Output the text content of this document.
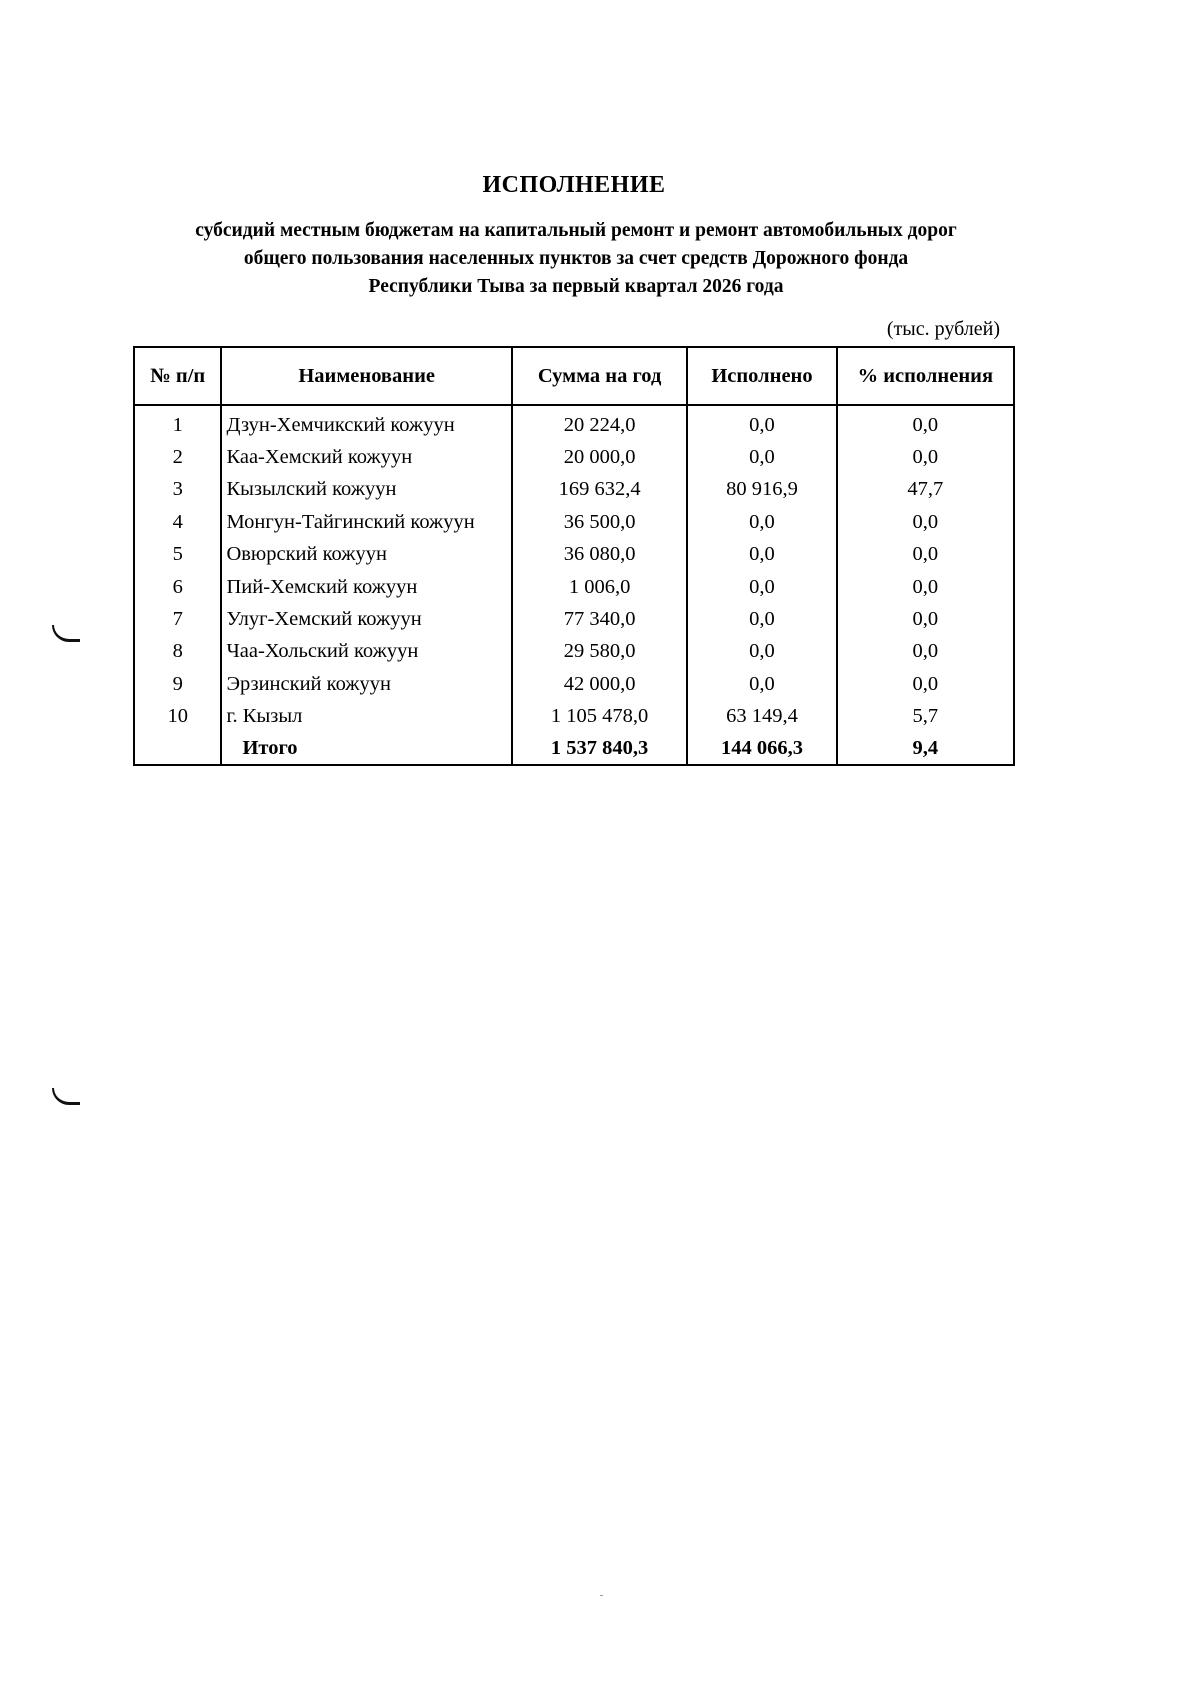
ИСПОЛНЕНИЕ
субсидий местным бюджетам на капитальный ремонт и ремонт автомобильных дорог
общего пользования населенных пунктов за счет средств Дорожного фонда
Республики Тыва за первый квартал 2026 года
(тыс. рублей)
№ п/п	Наименование	Сумма на год	Исполнено	% исполнения
1	Дзун-Хемчикский кожуун	20 224,0	0,0	0,0
2	Каа-Хемский кожуун	20 000,0	0,0	0,0
3	Кызылский кожуун	169 632,4	80 916,9	47,7
4	Монгун-Тайгинский кожуун	36 500,0	0,0	0,0
5	Овюрский кожуун	36 080,0	0,0	0,0
6	Пий-Хемский кожуун	1 006,0	0,0	0,0
7	Улуг-Хемский кожуун	77 340,0	0,0	0,0
8	Чаа-Хольский кожуун	29 580,0	0,0	0,0
9	Эрзинский кожуун	42 000,0	0,0	0,0
10	г. Кызыл	1 105 478,0	63 149,4	5,7
	Итого	1 537 840,3	144 066,3	9,4
